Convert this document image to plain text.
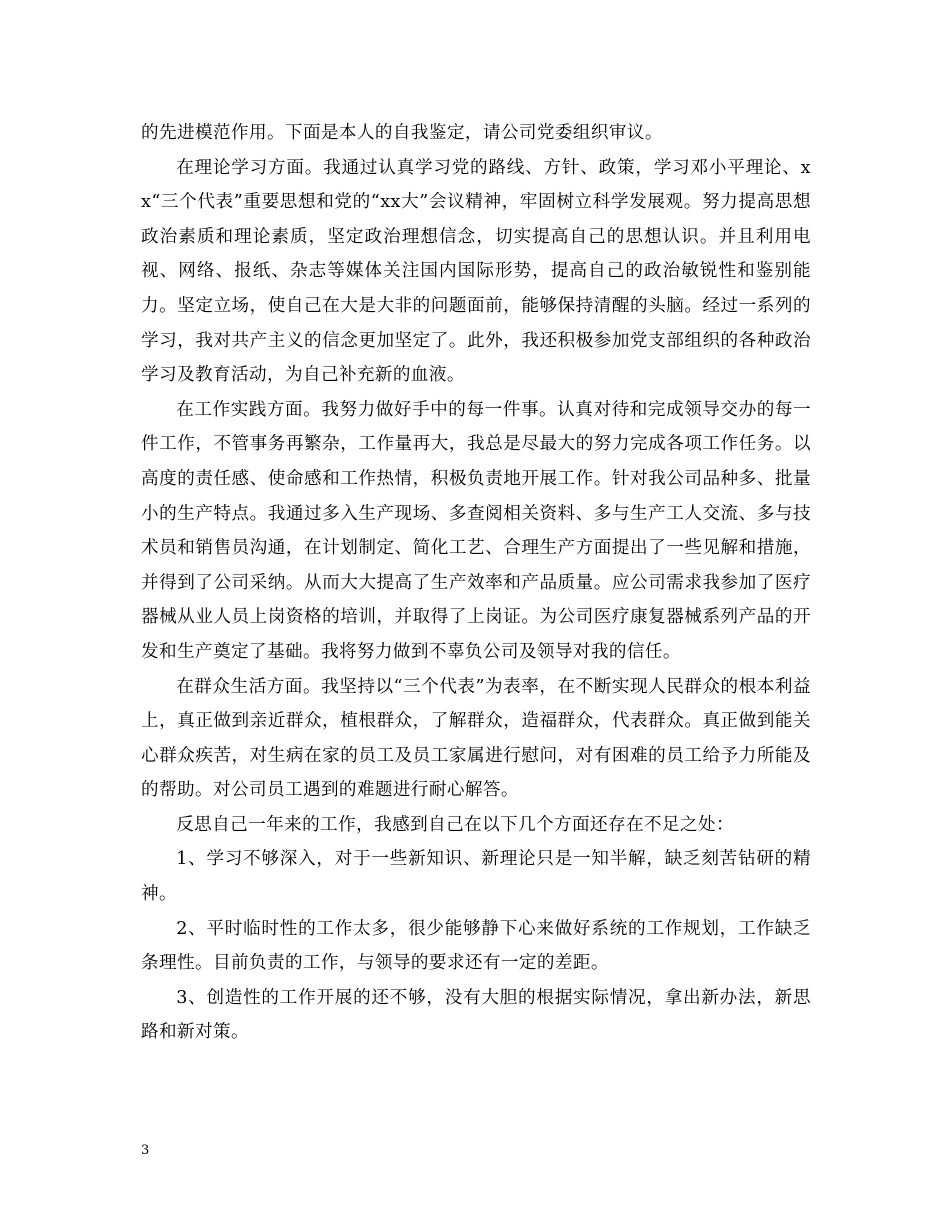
的先进模范作用。下面是本人的自我鉴定，请公司党委组织审议。

在理论学习方面。我通过认真学习党的路线、方针、政策，学习邓小平理论、xx“三个代表”重要思想和党的“xx大”会议精神，牢固树立科学发展观。努力提高思想政治素质和理论素质，坚定政治理想信念，切实提高自己的思想认识。并且利用电视、网络、报纸、杂志等媒体关注国内国际形势，提高自己的政治敏锐性和鉴别能力。坚定立场，使自己在大是大非的问题面前，能够保持清醒的头脑。经过一系列的学习，我对共产主义的信念更加坚定了。此外，我还积极参加党支部组织的各种政治学习及教育活动，为自己补充新的血液。

在工作实践方面。我努力做好手中的每一件事。认真对待和完成领导交办的每一件工作，不管事务再繁杂，工作量再大，我总是尽最大的努力完成各项工作任务。以高度的责任感、使命感和工作热情，积极负责地开展工作。针对我公司品种多、批量小的生产特点。我通过多入生产现场、多查阅相关资料、多与生产工人交流、多与技术员和销售员沟通，在计划制定、简化工艺、合理生产方面提出了一些见解和措施，并得到了公司采纳。从而大大提高了生产效率和产品质量。应公司需求我参加了医疗器械从业人员上岗资格的培训，并取得了上岗证。为公司医疗康复器械系列产品的开发和生产奠定了基础。我将努力做到不辜负公司及领导对我的信任。

在群众生活方面。我坚持以“三个代表”为表率，在不断实现人民群众的根本利益上，真正做到亲近群众，植根群众，了解群众，造福群众，代表群众。真正做到能关心群众疾苦，对生病在家的员工及员工家属进行慰问，对有困难的员工给予力所能及的帮助。对公司员工遇到的难题进行耐心解答。

反思自己一年来的工作，我感到自己在以下几个方面还存在不足之处：

1、学习不够深入，对于一些新知识、新理论只是一知半解，缺乏刻苦钻研的精神。

2、平时临时性的工作太多，很少能够静下心来做好系统的工作规划，工作缺乏条理性。目前负责的工作，与领导的要求还有一定的差距。

3、创造性的工作开展的还不够，没有大胆的根据实际情况，拿出新办法，新思路和新对策。

3
